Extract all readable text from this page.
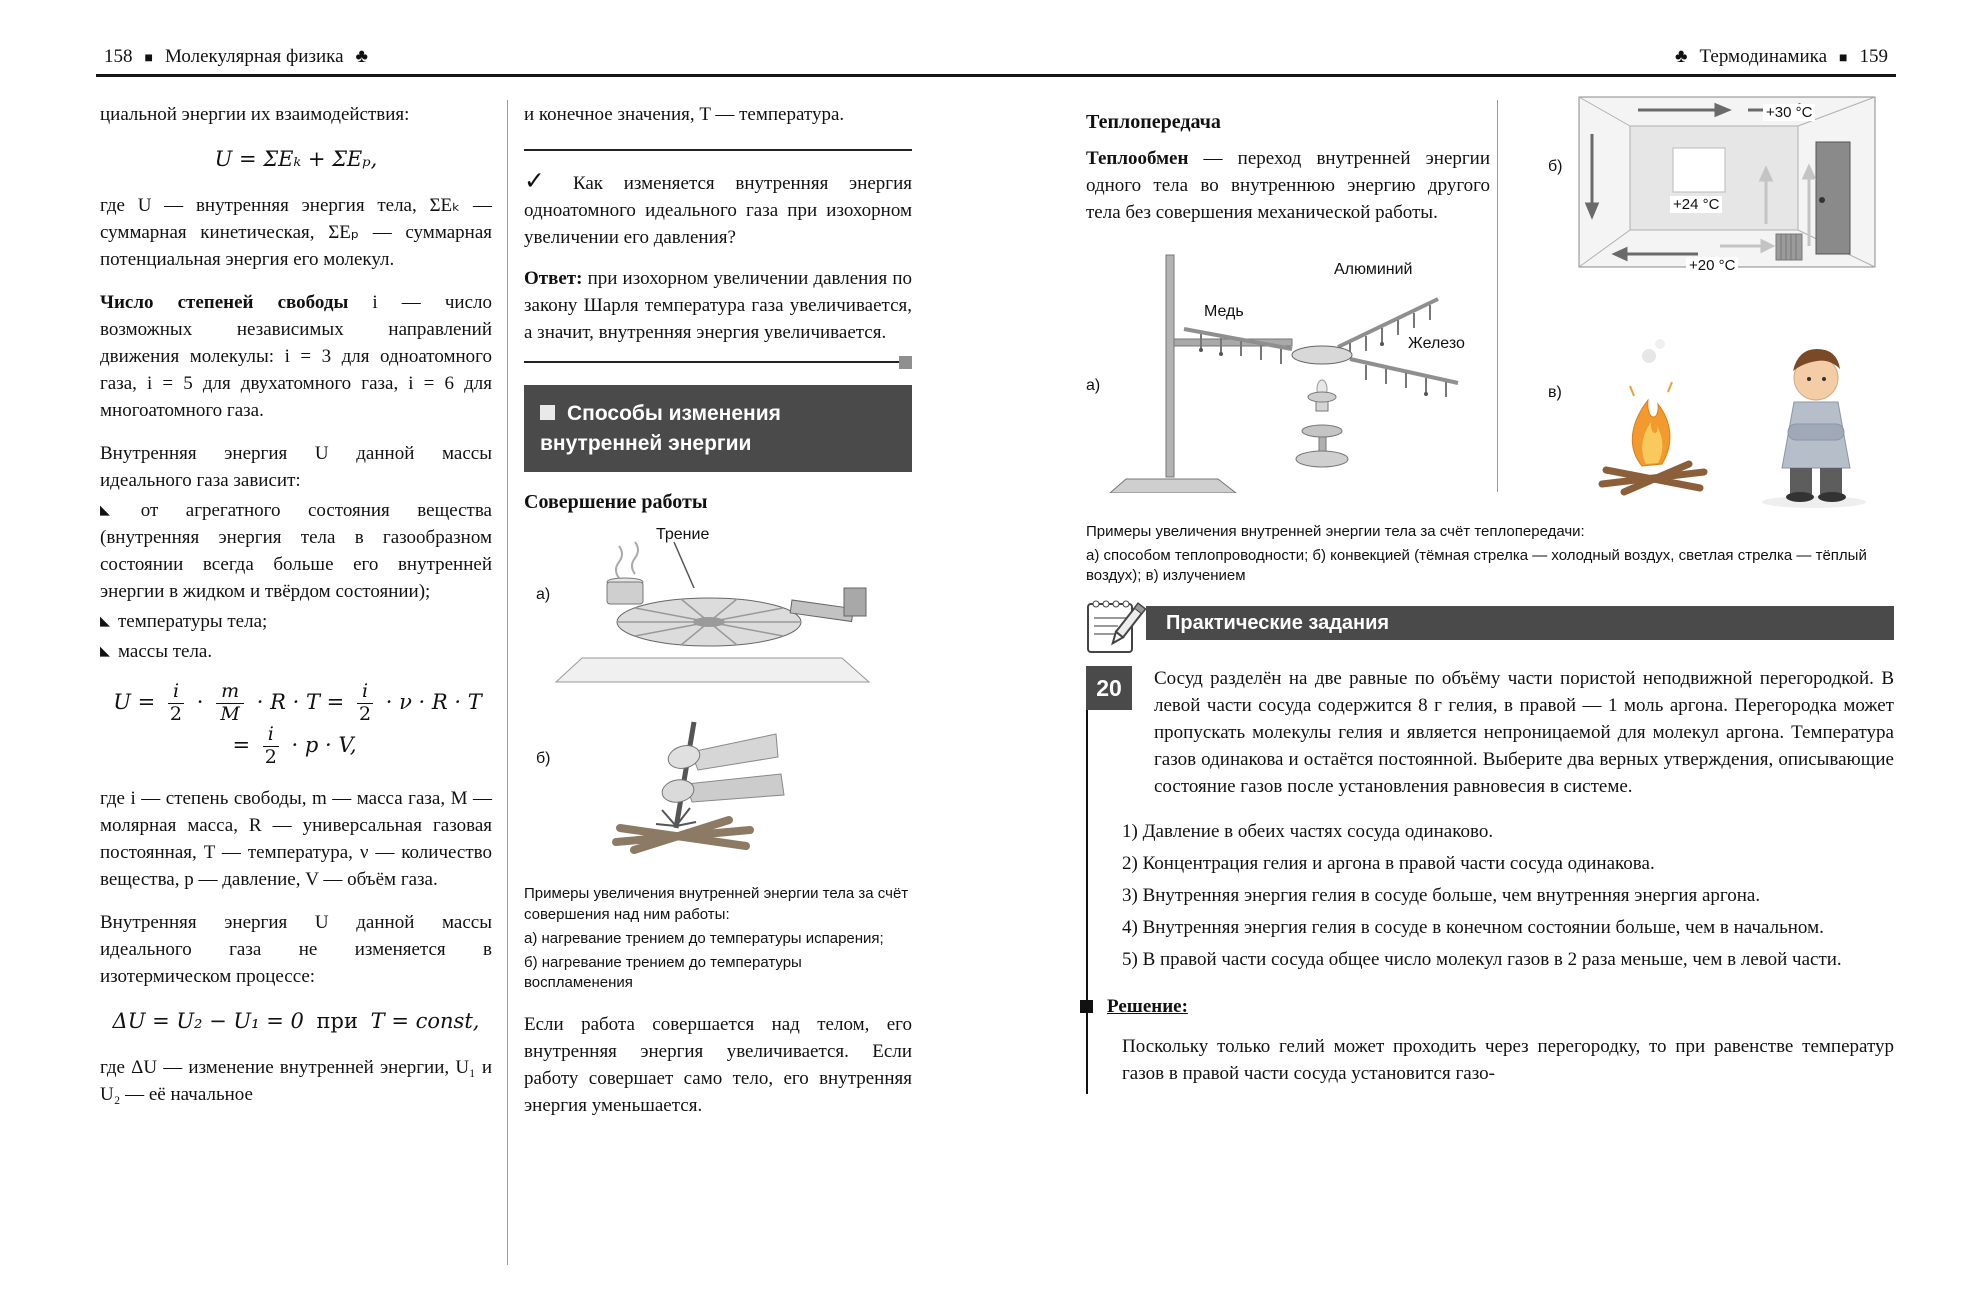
158 ■ Молекулярная физика ♣	♣ Термодинамика ■ 159

циальной энергии их взаимодействия:

U = ΣEₖ + ΣEₚ,

где U — внутренняя энергия тела, ΣEₖ — суммарная кинетическая, ΣEₚ — суммарная потенциальная энергия его молекул.

Число степеней свободы i — число возможных независимых направлений движения молекулы: i = 3 для одноатомного газа, i = 5 для двухатомного газа, i = 6 для многоатомного газа.

Внутренняя энергия U данной массы идеального газа зависит:

◣ от агрегатного состояния вещества (внутренняя энергия тела в газообразном состоянии всегда больше его внутренней энергии в жидком и твёрдом состоянии);

◣ температуры тела;

◣ массы тела.

$U = \frac{i}{2} \cdot \frac{m}{M} \cdot R \cdot T = \frac{i}{2} \cdot \nu \cdot R \cdot T = \frac{i}{2} \cdot p \cdot V$,

где i — степень свободы, m — масса газа, M — молярная масса, R — универсальная газовая постоянная, T — температура, ν — количество вещества, p — давление, V — объём газа.

Внутренняя энергия U данной массы идеального газа не изменяется в изотермическом процессе:

ΔU = U₂ − U₁ = 0 при T = const,

где ΔU — изменение внутренней энергии, U₁ и U₂ — её начальное

и конечное значения, T — температура.

✓ Как изменяется внутренняя энергия одноатомного идеального газа при изохорном увеличении его давления?

Ответ: при изохорном увеличении давления по закону Шарля температура газа увеличивается, а значит, внутренняя энергия увеличивается.

Способы изменения внутренней энергии
Совершение работы
а)
Трение
б)

Примеры увеличения внутренней энергии тела за счёт совершения над ним работы:

а) нагревание трением до температуры испарения;

б) нагревание трением до температуры воспламенения

Если работа совершается над телом, его внутренняя энергия увеличивается. Если работу совершает само тело, его внутренняя энергия уменьшается.

Теплопередача

Теплообмен — переход внутренней энергии одного тела во внутреннюю энергию другого тела без совершения механической работы.

а)
Медь
Алюминий
Железо
б)
+30 °C
+24 °C
+20 °C
в)

Примеры увеличения внутренней энергии тела за счёт теплопередачи:

а) способом теплопроводности; б) конвекцией (тёмная стрелка — холодный воздух, светлая стрелка — тёплый воздух); в) излучением

Практические задания
20	Сосуд разделён на две равные по объёму части пористой неподвижной перегородкой. В левой части сосуда содержится 8 г гелия, в правой — 1 моль аргона. Перегородка может пропускать молекулы гелия и является непроницаемой для молекул аргона. Температура газов одинакова и остаётся постоянной. Выберите два верных утверждения, описывающие состояние газов после установления равновесия в системе.

1) Давление в обеих частях сосуда одинаково.

2) Концентрация гелия и аргона в правой части сосуда одинакова.

3) Внутренняя энергия гелия в сосуде больше, чем внутренняя энергия аргона.

4) Внутренняя энергия гелия в сосуде в конечном состоянии больше, чем в начальном.

5) В правой части сосуда общее число молекул газов в 2 раза меньше, чем в левой части.

Решение:

Поскольку только гелий может проходить через перегородку, то при равенстве температур газов в правой части сосуда установится газо-
